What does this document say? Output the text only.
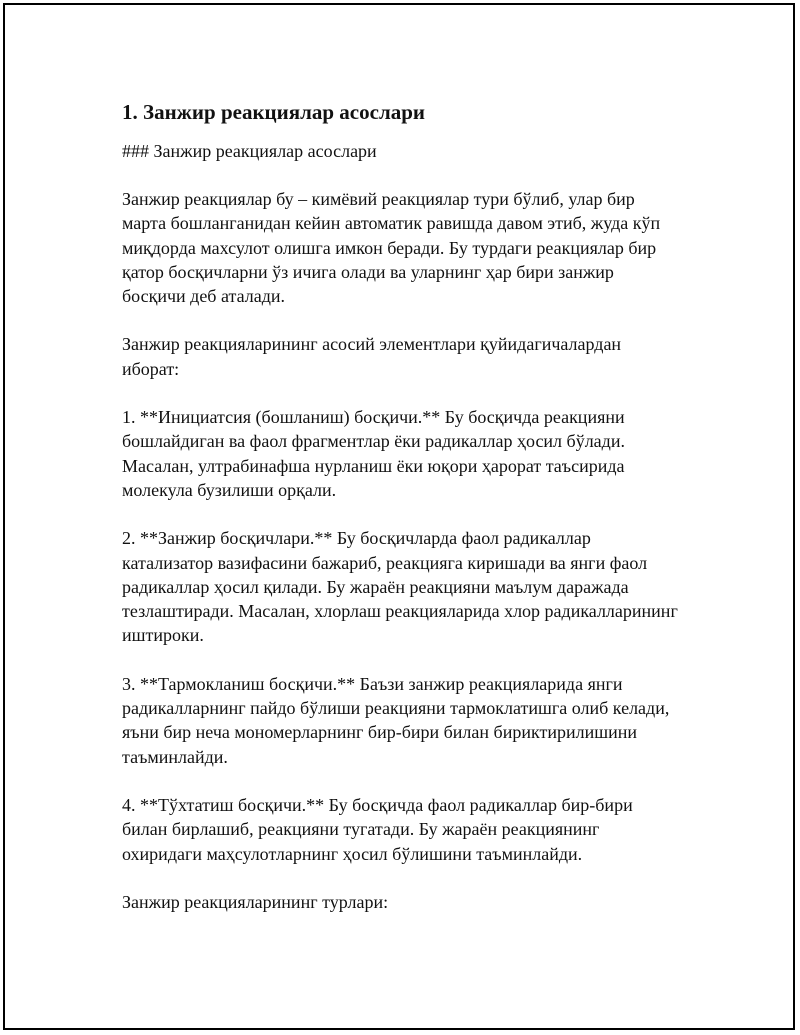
1. Занжир реакциялар асослари

### Занжир реакциялар асослари

Занжир реакциялар бу – кимёвий реакциялар тури бўлиб, улар бир
марта бошланганидан кейин автоматик равишда давом этиб, жуда кўп
миқдорда махсулот олишга имкон беради. Бу турдаги реакциялар бир
қатор босқичларни ўз ичига олади ва уларнинг ҳар бири занжир
босқичи деб аталади.

Занжир реакцияларининг асосий элементлари қуйидагичалардан
иборат:

1. **Инициатсия (бошланиш) босқичи.** Бу босқичда реакцияни
бошлайдиган ва фаол фрагментлар ёки радикаллар ҳосил бўлади.
Масалан, ултрабинафша нурланиш ёки юқори ҳарорат таъсирида
молекула бузилиши орқали.

2. **Занжир босқичлари.** Бу босқичларда фаол радикаллар
катализатор вазифасини бажариб, реакцияга киришади ва янги фаол
радикаллар ҳосил қилади. Бу жараён реакцияни маълум даражада
тезлаштиради. Масалан, хлорлаш реакцияларида хлор радикалларининг
иштироки.

3. **Тармокланиш босқичи.** Баъзи занжир реакцияларида янги
радикалларнинг пайдо бўлиши реакцияни тармоклатишга олиб келади,
яъни бир неча мономерларнинг бир-бири билан бириктирилишини
таъминлайди.

4. **Тўхтатиш босқичи.** Бу босқичда фаол радикаллар бир-бири
билан бирлашиб, реакцияни тугатади. Бу жараён реакциянинг
охиридаги маҳсулотларнинг ҳосил бўлишини таъминлайди.

Занжир реакцияларининг турлари:
